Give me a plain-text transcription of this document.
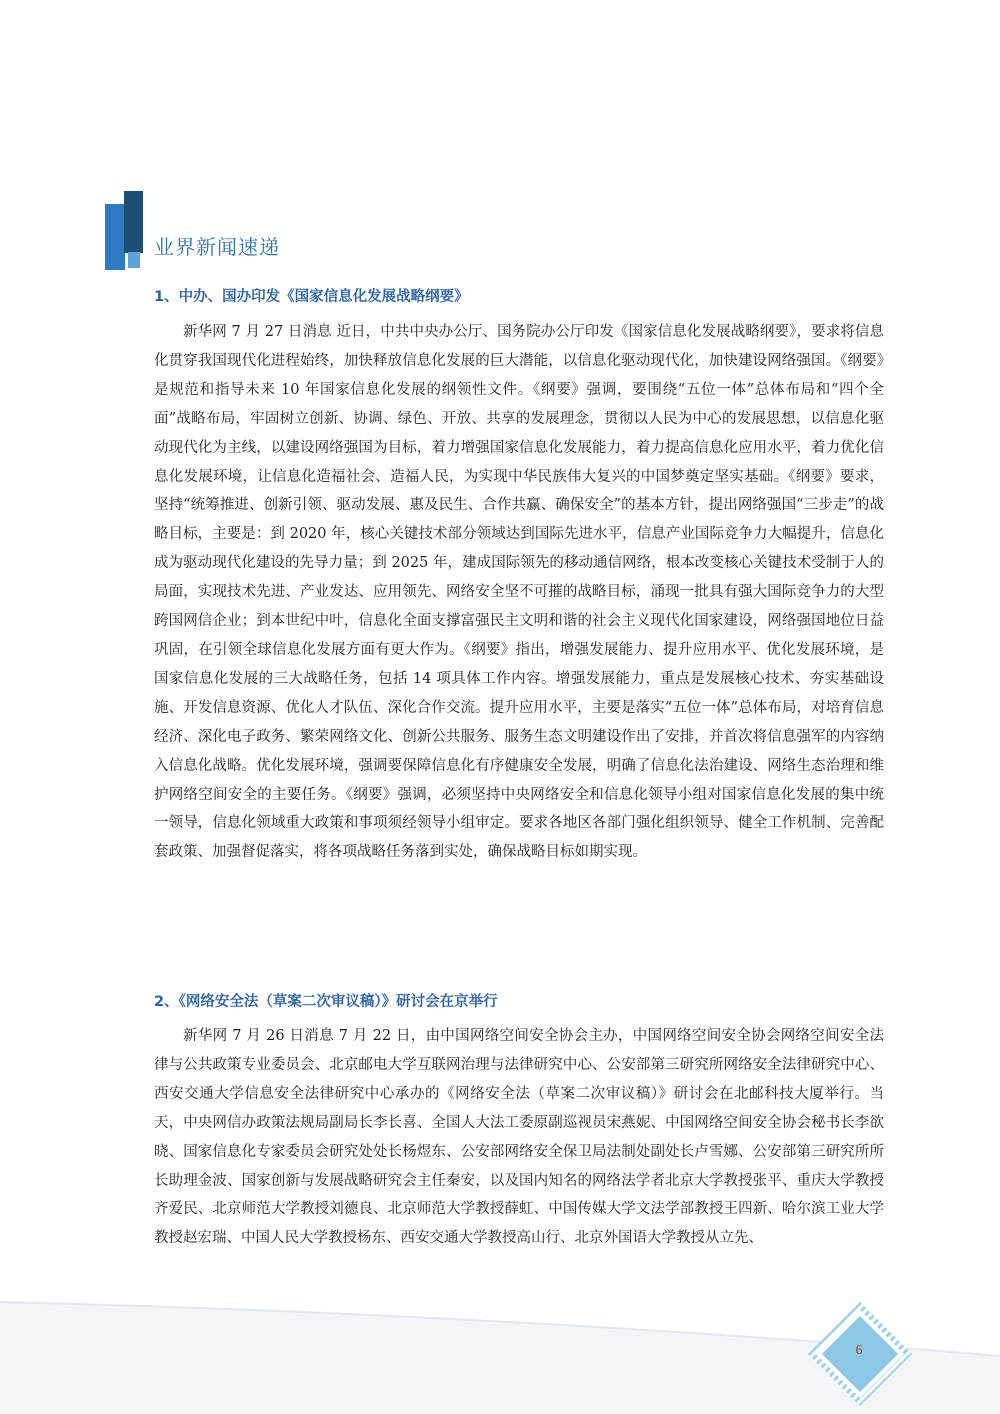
业界新闻速递
1、中办、国办印发《国家信息化发展战略纲要》

新华网 7 月 27 日消息 近日，中共中央办公厅、国务院办公厅印发《国家信息化发展战略纲要》，要求将信息化贯穿我国现代化进程始终，加快释放信息化发展的巨大潜能，以信息化驱动现代化，加快建设网络强国。《纲要》是规范和指导未来 10 年国家信息化发展的纲领性文件。《纲要》强调，要围绕“五位一体”总体布局和“四个全面”战略布局，牢固树立创新、协调、绿色、开放、共享的发展理念，贯彻以人民为中心的发展思想，以信息化驱动现代化为主线，以建设网络强国为目标，着力增强国家信息化发展能力，着力提高信息化应用水平，着力优化信息化发展环境，让信息化造福社会、造福人民，为实现中华民族伟大复兴的中国梦奠定坚实基础。《纲要》要求，坚持“统筹推进、创新引领、驱动发展、惠及民生、合作共赢、确保安全”的基本方针，提出网络强国“三步走”的战略目标，主要是：到 2020 年，核心关键技术部分领域达到国际先进水平，信息产业国际竞争力大幅提升，信息化成为驱动现代化建设的先导力量；到 2025 年，建成国际领先的移动通信网络，根本改变核心关键技术受制于人的局面，实现技术先进、产业发达、应用领先、网络安全坚不可摧的战略目标，涌现一批具有强大国际竞争力的大型跨国网信企业；到本世纪中叶，信息化全面支撑富强民主文明和谐的社会主义现代化国家建设，网络强国地位日益巩固，在引领全球信息化发展方面有更大作为。《纲要》指出，增强发展能力、提升应用水平、优化发展环境，是国家信息化发展的三大战略任务，包括 14 项具体工作内容。增强发展能力，重点是发展核心技术、夯实基础设施、开发信息资源、优化人才队伍、深化合作交流。提升应用水平，主要是落实“五位一体”总体布局，对培育信息经济、深化电子政务、繁荣网络文化、创新公共服务、服务生态文明建设作出了安排，并首次将信息强军的内容纳入信息化战略。优化发展环境，强调要保障信息化有序健康安全发展，明确了信息化法治建设、网络生态治理和维护网络空间安全的主要任务。《纲要》强调，必须坚持中央网络安全和信息化领导小组对国家信息化发展的集中统一领导，信息化领域重大政策和事项须经领导小组审定。要求各地区各部门强化组织领导、健全工作机制、完善配套政策、加强督促落实，将各项战略任务落到实处，确保战略目标如期实现。

2、《网络安全法（草案二次审议稿）》研讨会在京举行

新华网 7 月 26 日消息 7 月 22 日，由中国网络空间安全协会主办，中国网络空间安全协会网络空间安全法律与公共政策专业委员会、北京邮电大学互联网治理与法律研究中心、公安部第三研究所网络安全法律研究中心、西安交通大学信息安全法律研究中心承办的《网络安全法（草案二次审议稿）》研讨会在北邮科技大厦举行。当天，中央网信办政策法规局副局长李长喜、全国人大法工委原副巡视员宋燕妮、中国网络空间安全协会秘书长李欲晓、国家信息化专家委员会研究处处长杨煜东、公安部网络安全保卫局法制处副处长卢雪娜、公安部第三研究所所长助理金波、国家创新与发展战略研究会主任秦安，以及国内知名的网络法学者北京大学教授张平、重庆大学教授齐爱民、北京师范大学教授刘德良、北京师范大学教授薛虹、中国传媒大学文法学部教授王四新、哈尔滨工业大学教授赵宏瑞、中国人民大学教授杨东、西安交通大学教授高山行、北京外国语大学教授从立先、

6
